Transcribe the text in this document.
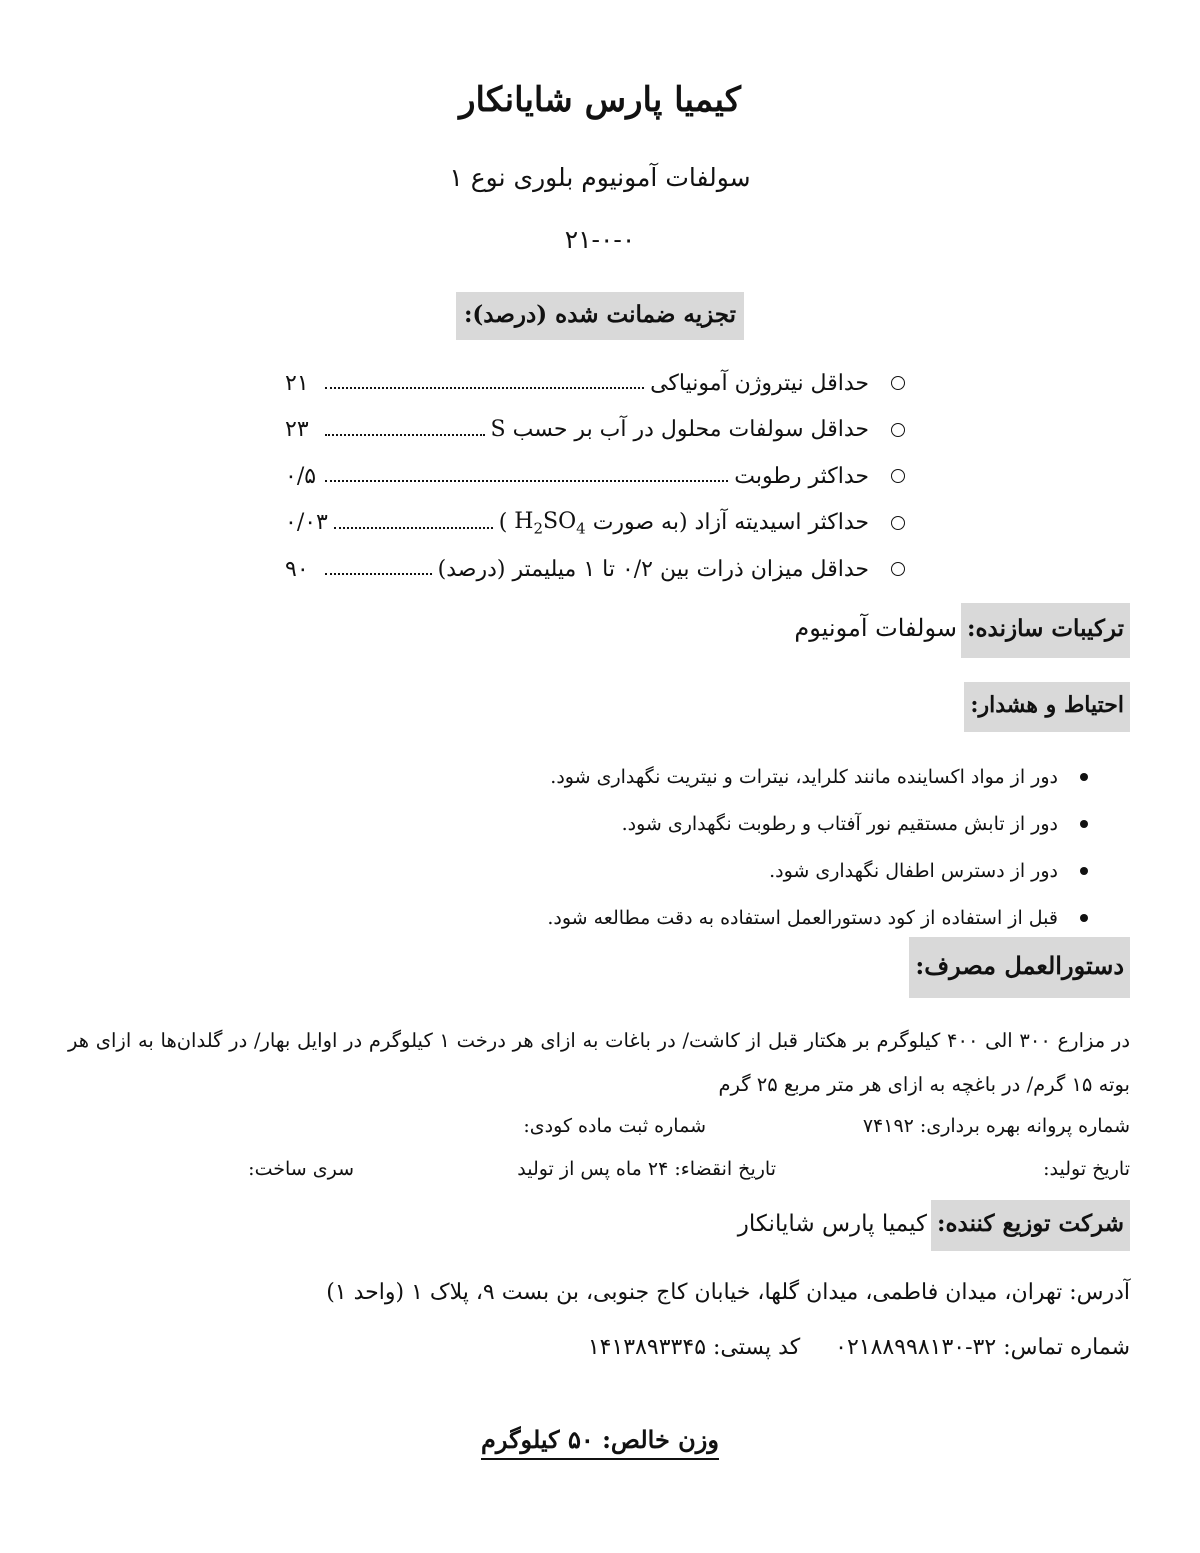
کیمیا پارس شایانکار
سولفات آمونیوم بلوری نوع ۱
۲۱-۰-۰
تجزیه ضمانت شده (درصد):
حداقل نیتروژن آمونیاکی
۲۱
حداقل سولفات محلول در آب بر حسب S
۲۳
حداکثر رطوبت
۰/۵
حداکثر اسیدیته آزاد (به صورت

$H_2SO_4$

)
۰/۰۳
حداقل میزان ذرات بین ۰/۲ تا ۱ میلیمتر (درصد)
۹۰
ترکیبات سازنده:سولفات آمونیوم
احتیاط و هشدار:
دور از مواد اکساینده مانند کلراید، نیترات و نیتریت نگهداری شود.
دور از تابش مستقیم نور آفتاب و رطوبت نگهداری شود.
دور از دسترس اطفال نگهداری شود.
قبل از استفاده از کود دستورالعمل استفاده به دقت مطالعه شود.
دستورالعمل مصرف:
در مزارع ۳۰۰ الی ۴۰۰ کیلوگرم بر هکتار قبل از کاشت/ در باغات به ازای هر درخت ۱ کیلوگرم در اوایل بهار/ در گلدان‌ها به ازای هر بوته ۱۵ گرم/ در باغچه به ازای هر متر مربع ۲۵ گرم
شماره پروانه بهره برداری: ۷۴۱۹۲
شماره ثبت ماده کودی:
تاریخ تولید:
تاریخ انقضاء: ۲۴ ماه پس از تولید
سری ساخت:
شرکت توزیع کننده:کیمیا پارس شایانکار
آدرس: تهران، میدان فاطمی، میدان گلها، خیابان کاج جنوبی، بن بست ۹، پلاک ۱ (واحد ۱)
شماره تماس: ۰۲۱۸۸۹۹۸۱۳۰-۳۲     کد پستی: ۱۴۱۳۸۹۳۳۴۵
وزن خالص: ۵۰ کیلوگرم
